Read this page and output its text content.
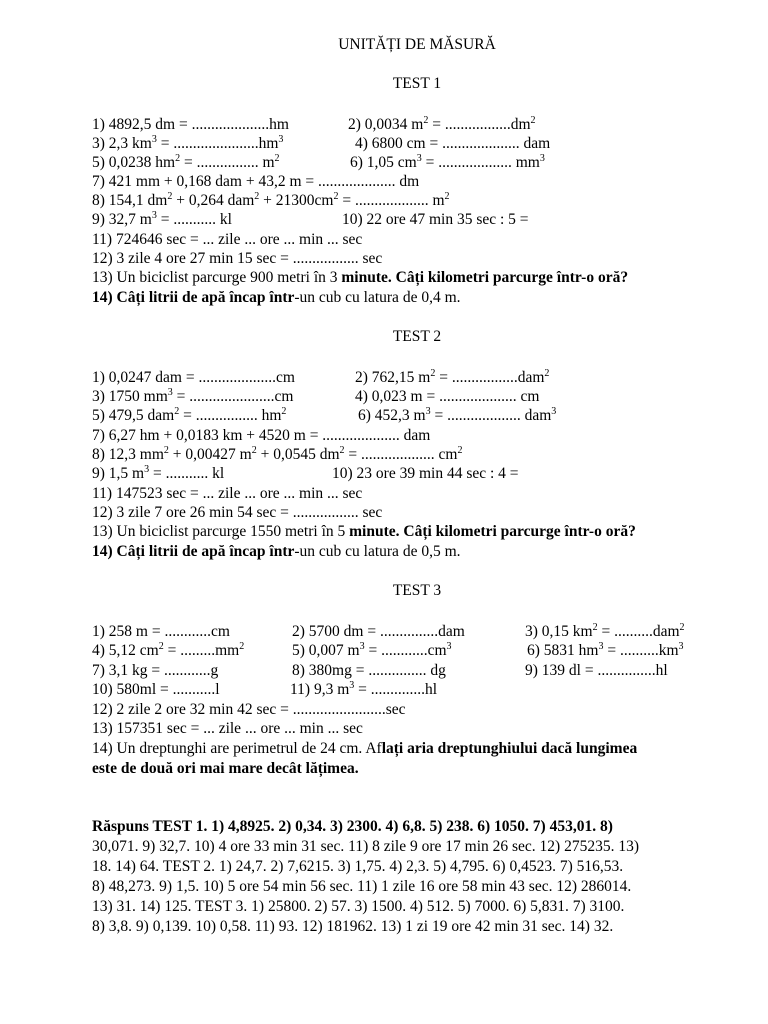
UNITĂȚI DE MĂSURĂ
TEST 1
1) 4892,5 dm = ....................hm	2) 0,0034 $m^2 = .................dm^2$
3) 2,3 $km^3 = ......................hm^3$	4) 6800 cm = .................... dam
5) 0,0238 $hm^2$ = ................ $m^2$	6) 1,05 $cm^3$ = ................... $mm^3$
7) 421 mm + 0,168 dam + 43,2 m = .................... dm
8) 154,1 $dm^2 + 0,264$ $dam^2 + 21300cm^2$ = ................... $m^2$
9) 32,7 $m^3$ = ........... kl	10) 22 ore 47 min 35 sec : 5 =
11) 724646 sec = ... zile ... ore ... min ... sec
12) 3 zile 4 ore 27 min 15 sec = ................. sec
13) Un biciclist parcurge 900 metri în 3 minute. Câți kilometri parcurge într-o oră?
14) Câți litrii de apă încap într-un cub cu latura de 0,4 m.
TEST 2
1) 0,0247 dam = ....................cm	2) 762,15 $m^2 = .................dam^2$
3) 1750 $mm^3 = ......................cm$	4) 0,023 m = .................... cm
5) 479,5 dam$^2$ = ................ $hm^2$	6) 452,3 $m^3$ = ................... dam$^3$
7) 6,27 hm + 0,0183 km + 4520 m = .................... dam
8) 12,3 $mm^2 + 0,00427$ $m^2 + 0,0545$ $dm^2$ = ................... $cm^2$
9) 1,5 $m^3$ = ........... kl	10) 23 ore 39 min 44 sec : 4 =
11) 147523 sec = ... zile ... ore ... min ... sec
12) 3 zile 7 ore 26 min 54 sec = ................. sec
13) Un biciclist parcurge 1550 metri în 5 minute. Câți kilometri parcurge într-o oră?
14) Câți litrii de apă încap într-un cub cu latura de 0,5 m.
TEST 3
1) 258 m = ............cm	2) 5700 dm = ...............dam	3) 0,15 $km^2 = ..........dam^2$
4) 5,12 $cm^2 = .........mm^2$	5) 0,007 $m^3 = ............cm^3$	6) 5831 $hm^3 = ..........km^3$
7) 3,1 kg = ............g	8) 380mg = ............... dg	9) 139 dl = ...............hl
10) 580ml = ...........l	11) 9,3 $m^3 = ..............hl$
12) 2 zile 2 ore 32 min 42 sec = ........................sec
13) 157351 sec = ... zile ... ore ... min ... sec
14) Un dreptunghi are perimetrul de 24 cm. Aflați aria dreptunghiului dacă lungimea
este de două ori mai mare decât lățimea.
Răspuns TEST 1. 1) 4,8925. 2) 0,34. 3) 2300. 4) 6,8. 5) 238. 6) 1050. 7) 453,01. 8)
30,071. 9) 32,7. 10) 4 ore 33 min 31 sec. 11) 8 zile 9 ore 17 min 26 sec. 12) 275235. 13)
18. 14) 64. TEST 2. 1) 24,7. 2) 7,6215. 3) 1,75. 4) 2,3. 5) 4,795. 6) 0,4523. 7) 516,53.
8) 48,273. 9) 1,5. 10) 5 ore 54 min 56 sec. 11) 1 zile 16 ore 58 min 43 sec. 12) 286014.
13) 31. 14) 125. TEST 3. 1) 25800. 2) 57. 3) 1500. 4) 512. 5) 7000. 6) 5,831. 7) 3100.
8) 3,8. 9) 0,139. 10) 0,58. 11) 93. 12) 181962. 13) 1 zi 19 ore 42 min 31 sec. 14) 32.
